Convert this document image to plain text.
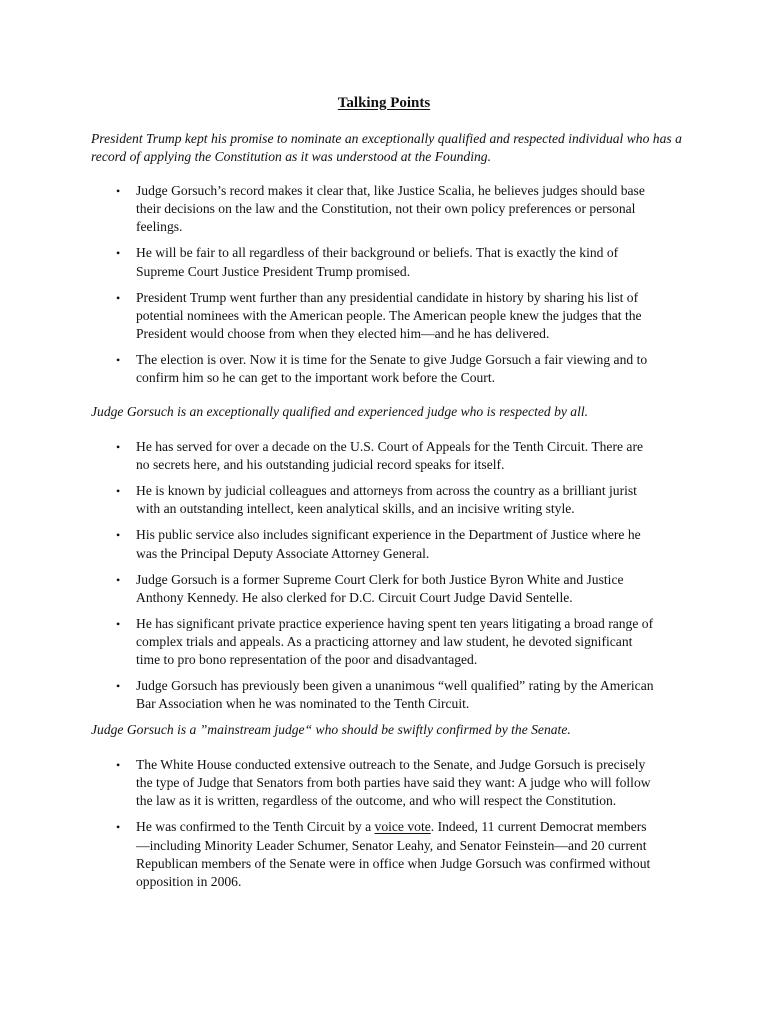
Talking Points

President Trump kept his promise to nominate an exceptionally qualified and respected individual who has a record of applying the Constitution as it was understood at the Founding.

• Judge Gorsuch’s record makes it clear that, like Justice Scalia, he believes judges should base their decisions on the law and the Constitution, not their own policy preferences or personal feelings.
• He will be fair to all regardless of their background or beliefs. That is exactly the kind of Supreme Court Justice President Trump promised.
• President Trump went further than any presidential candidate in history by sharing his list of potential nominees with the American people. The American people knew the judges that the President would choose from when they elected him—and he has delivered.
• The election is over. Now it is time for the Senate to give Judge Gorsuch a fair viewing and to confirm him so he can get to the important work before the Court.

Judge Gorsuch is an exceptionally qualified and experienced judge who is respected by all.

• He has served for over a decade on the U.S. Court of Appeals for the Tenth Circuit. There are no secrets here, and his outstanding judicial record speaks for itself.
• He is known by judicial colleagues and attorneys from across the country as a brilliant jurist with an outstanding intellect, keen analytical skills, and an incisive writing style.
• His public service also includes significant experience in the Department of Justice where he was the Principal Deputy Associate Attorney General.
• Judge Gorsuch is a former Supreme Court Clerk for both Justice Byron White and Justice Anthony Kennedy. He also clerked for D.C. Circuit Court Judge David Sentelle.
• He has significant private practice experience having spent ten years litigating a broad range of complex trials and appeals. As a practicing attorney and law student, he devoted significant time to pro bono representation of the poor and disadvantaged.
• Judge Gorsuch has previously been given a unanimous “well qualified” rating by the American Bar Association when he was nominated to the Tenth Circuit.

Judge Gorsuch is a ”mainstream judge“ who should be swiftly confirmed by the Senate.

• The White House conducted extensive outreach to the Senate, and Judge Gorsuch is precisely the type of Judge that Senators from both parties have said they want: A judge who will follow the law as it is written, regardless of the outcome, and who will respect the Constitution.
• He was confirmed to the Tenth Circuit by a voice vote. Indeed, 11 current Democrat members—including Minority Leader Schumer, Senator Leahy, and Senator Feinstein—and 20 current Republican members of the Senate were in office when Judge Gorsuch was confirmed without opposition in 2006.
